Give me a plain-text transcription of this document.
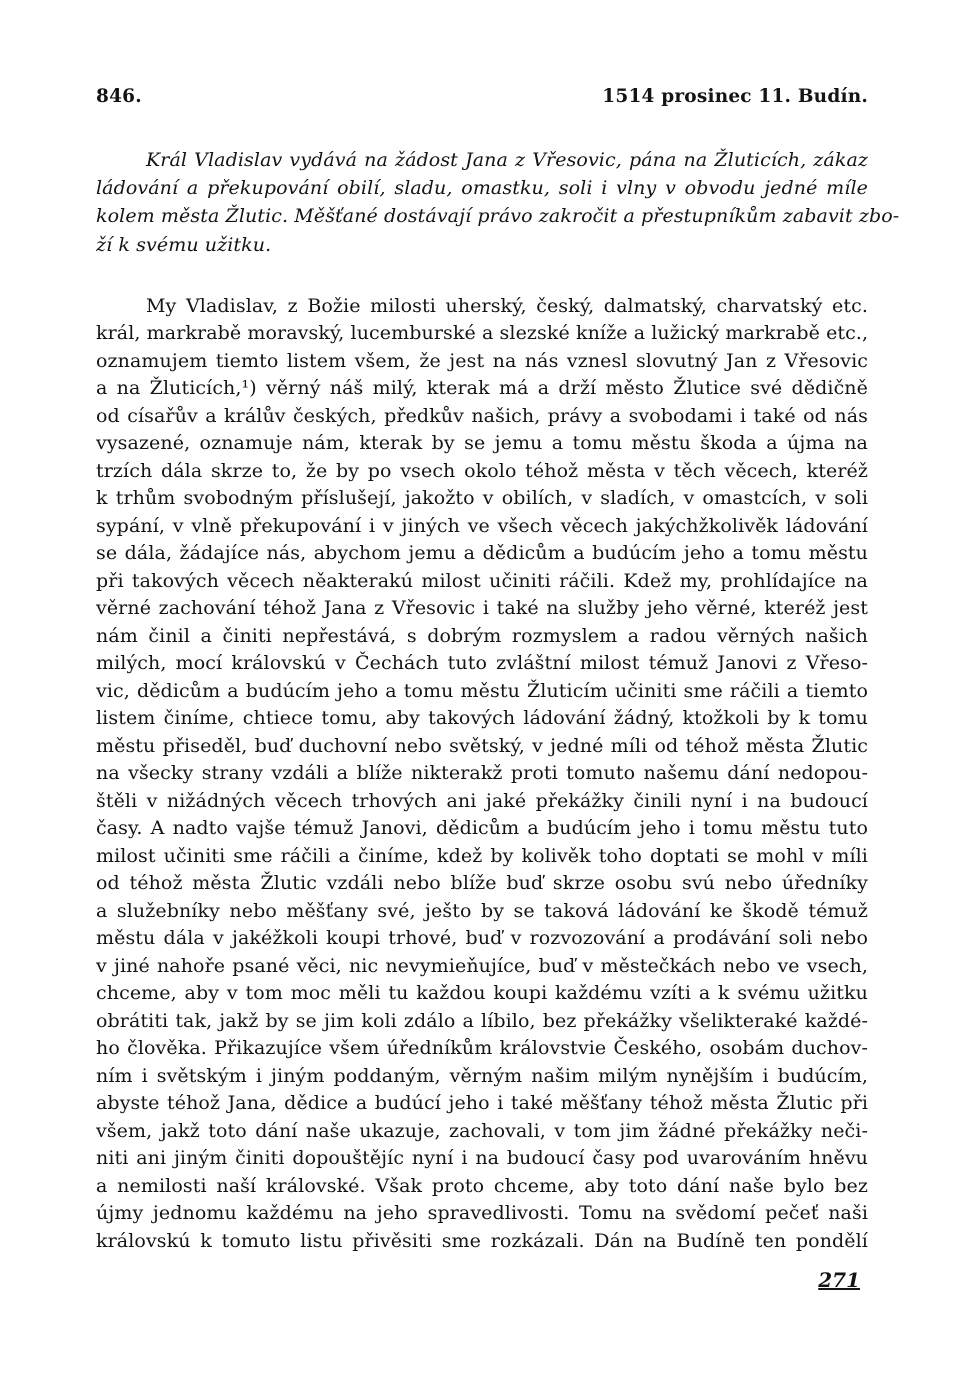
846.	1514 prosinec 11. Budín.
Král Vladislav vydává na žádost Jana z Vřesovic, pána na Žluticích, zákaz
ládování a překupování obilí, sladu, omastku, soli i vlny v obvodu jedné míle
kolem města Žlutic. Měšťané dostávají právo zakročit a přestupníkům zabavit zbo-
ží k svému užitku.
My Vladislav, z Božie milosti uherský, český, dalmatský, charvatský etc.
král, markrabě moravský, lucemburské a slezské kníže a lužický markrabě etc.,
oznamujem tiemto listem všem, že jest na nás vznesl slovutný Jan z Vřesovic
a na Žluticích,¹) věrný náš milý, kterak má a drží město Žlutice své dědičně
od císařův a králův českých, předkův našich, právy a svobodami i také od nás
vysazené, oznamuje nám, kterak by se jemu a tomu městu škoda a újma na
trzích dála skrze to, že by po vsech okolo téhož města v těch věcech, kteréž
k trhům svobodným příslušejí, jakožto v obilích, v sladích, v omastcích, v soli
sypání, v vlně překupování i v jiných ve všech věcech jakýchžkolivěk ládování
se dála, žádajíce nás, abychom jemu a dědicům a budúcím jeho a tomu městu
při takových věcech něakterakú milost učiniti ráčili. Kdež my, prohlídajíce na
věrné zachování téhož Jana z Vřesovic i také na služby jeho věrné, kteréž jest
nám činil a činiti nepřestává, s dobrým rozmyslem a radou věrných našich
milých, mocí královskú v Čechách tuto zvláštní milost témuž Janovi z Vřeso-
vic, dědicům a budúcím jeho a tomu městu Žluticím učiniti sme ráčili a tiemto
listem činíme, chtiece tomu, aby takových ládování žádný, ktožkoli by k tomu
městu přiseděl, buď duchovní nebo světský, v jedné míli od téhož města Žlutic
na všecky strany vzdáli a blíže nikterakž proti tomuto našemu dání nedopou-
štěli v nižádných věcech trhových ani jaké překážky činili nyní i na budoucí
časy. A nadto vajše témuž Janovi, dědicům a budúcím jeho i tomu městu tuto
milost učiniti sme ráčili a činíme, kdež by kolivěk toho doptati se mohl v míli
od téhož města Žlutic vzdáli nebo blíže buď skrze osobu svú nebo úředníky
a služebníky nebo měšťany své, ješto by se taková ládování ke škodě témuž
městu dála v jakéžkoli koupi trhové, buď v rozvozování a prodávání soli nebo
v jiné nahoře psané věci, nic nevymieňujíce, buď v městečkách nebo ve vsech,
chceme, aby v tom moc měli tu každou koupi každému vzíti a k svému užitku
obrátiti tak, jakž by se jim koli zdálo a líbilo, bez překážky všelikterаké každé-
ho člověka. Přikazujíce všem úředníkům královstvie Českého, osobám duchov-
ním i světským i jiným poddaným, věrným našim milým nynějším i budúcím,
abyste téhož Jana, dědice a budúcí jeho i také měšťany téhož města Žlutic při
všem, jakž toto dání naše ukazuje, zachovali, v tom jim žádné překážky neči-
niti ani jiným činiti dopouštějíc nyní i na budoucí časy pod uvarováním hněvu
a nemilosti naší královské. Však proto chceme, aby toto dání naše bylo bez
újmy jednomu každému na jeho spravedlivosti. Tomu na svědomí pečeť naši
královskú k tomuto listu přivěsiti sme rozkázali. Dán na Budíně ten pondělí
271
